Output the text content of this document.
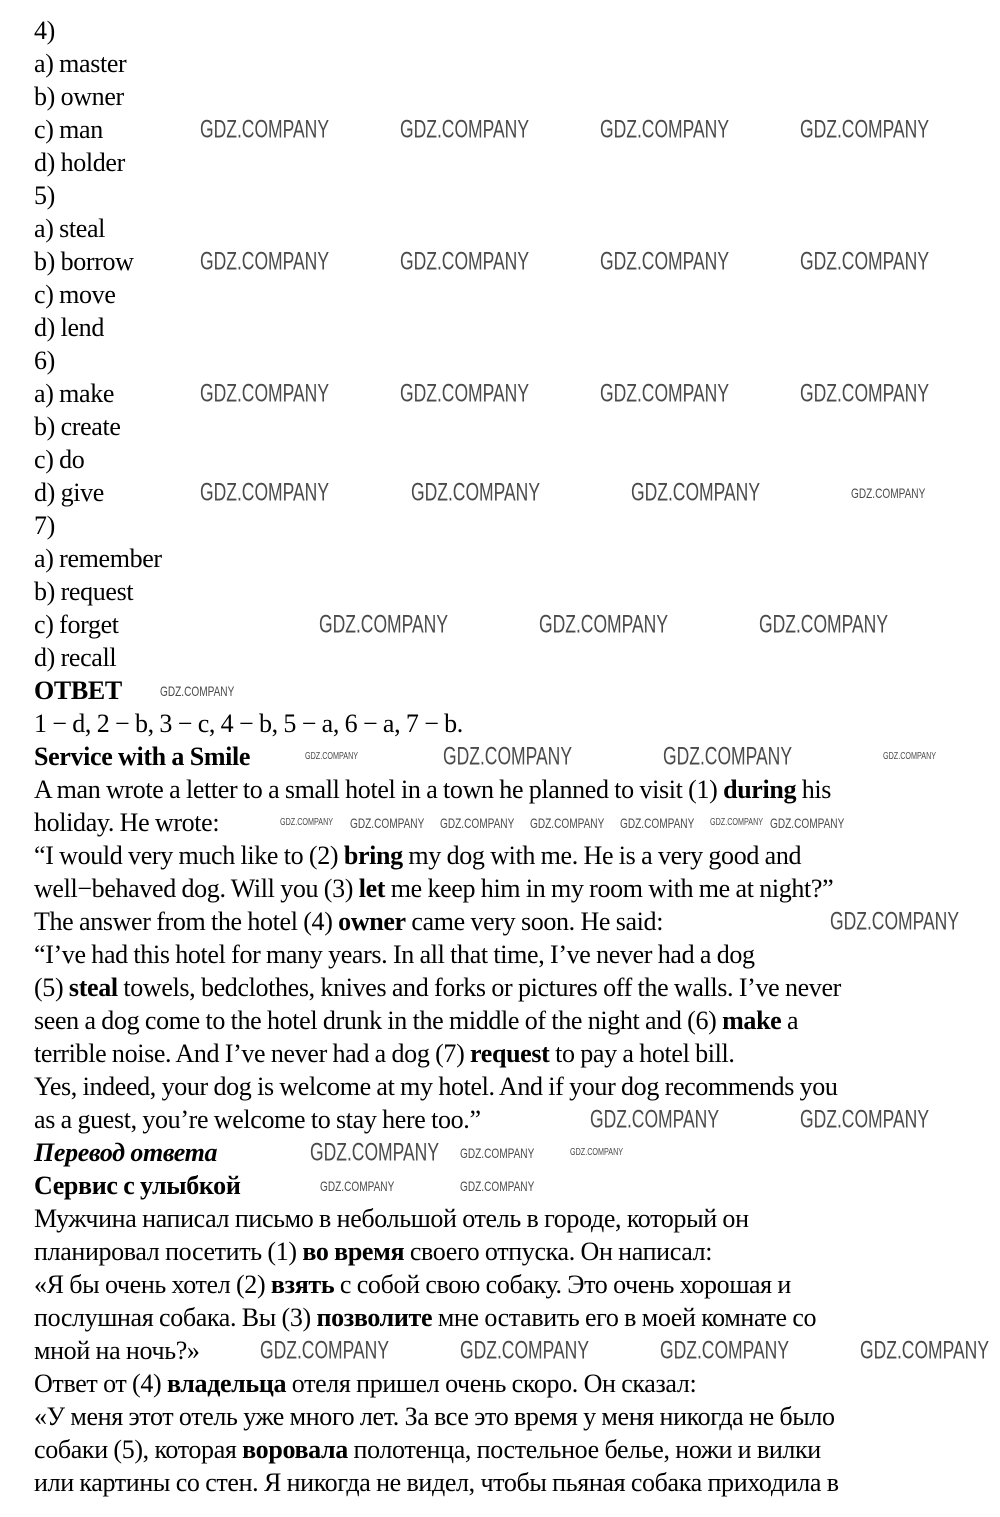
4)
a) master
b) owner
c) man
d) holder
5)
a) steal
b) borrow
c) move
d) lend
6)
a) make
b) create
c) do
d) give
7)
a) remember
b) request
c) forget
d) recall
ОТВЕТ
1 − d, 2 − b, 3 − c, 4 − b, 5 − a, 6 − a, 7 − b.
Service with a Smile
A man wrote a letter to a small hotel in a town he planned to visit (1) during his
holiday. He wrote:
“I would very much like to (2) bring my dog with me. He is a very good and
well−behaved dog. Will you (3) let me keep him in my room with me at night?”
The answer from the hotel (4) owner came very soon. He said:
“I’ve had this hotel for many years. In all that time, I’ve never had a dog
(5) steal towels, bedclothes, knives and forks or pictures off the walls. I’ve never
seen a dog come to the hotel drunk in the middle of the night and (6) make a
terrible noise. And I’ve never had a dog (7) request to pay a hotel bill.
Yes, indeed, your dog is welcome at my hotel. And if your dog recommends you
as a guest, you’re welcome to stay here too.”
Перевод ответа
Сервис с улыбкой
Мужчина написал письмо в небольшой отель в городе, который он
планировал посетить (1) во время своего отпуска. Он написал:
«Я бы очень хотел (2) взять с собой свою собаку. Это очень хорошая и
послушная собака. Вы (3) позволите мне оставить его в моей комнате со
мной на ночь?»
Ответ от (4) владельца отеля пришел очень скоро. Он сказал:
«У меня этот отель уже много лет. За все это время у меня никогда не было
собаки (5), которая воровала полотенца, постельное белье, ножи и вилки
или картины со стен. Я никогда не видел, чтобы пьяная собака приходила в
GDZ.COMPANY	GDZ.COMPANY	GDZ.COMPANY	GDZ.COMPANY
GDZ.COMPANY	GDZ.COMPANY	GDZ.COMPANY	GDZ.COMPANY
GDZ.COMPANY	GDZ.COMPANY	GDZ.COMPANY	GDZ.COMPANY
GDZ.COMPANY	GDZ.COMPANY	GDZ.COMPANY	GDZ.COMPANY
GDZ.COMPANY	GDZ.COMPANY	GDZ.COMPANY
GDZ.COMPANY
GDZ.COMPANY	GDZ.COMPANY	GDZ.COMPANY	GDZ.COMPANY
GDZ.COMPANY GDZ.COMPANY GDZ.COMPANY GDZ.COMPANY GDZ.COMPANY GDZ.COMPANY GDZ.COMPANY
GDZ.COMPANY
GDZ.COMPANY	GDZ.COMPANY
GDZ.COMPANY GDZ.COMPANY	GDZ.COMPANY
GDZ.COMPANY	GDZ.COMPANY
GDZ.COMPANY	GDZ.COMPANY	GDZ.COMPANY	GDZ.COMPANY
